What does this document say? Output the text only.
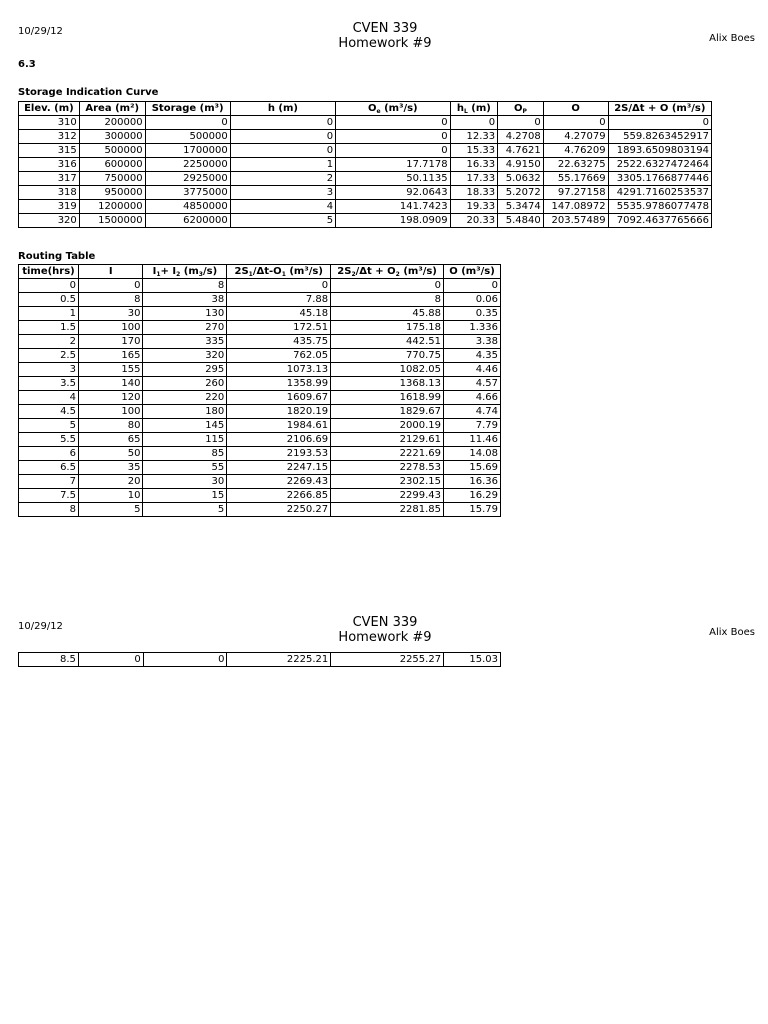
10/29/12	CVEN 339
Homework #9	Alix Boes
6.3
Storage Indication Curve
Elev. (m)	Area (m²)	Storage (m³)	h (m)	$O_e$ (m³/s)	$h_L$ (m)	$O_P$	O	2S/Δt + O (m³/s)
310	200000	0	0	0	0	0	0	0
312	300000	500000	0	0	12.33	4.2708	4.27079	559.8263452917
315	500000	1700000	0	0	15.33	4.7621	4.76209	1893.6509803194
316	600000	2250000	1	17.7178	16.33	4.9150	22.63275	2522.6327472464
317	750000	2925000	2	50.1135	17.33	5.0632	55.17669	3305.1766877446
318	950000	3775000	3	92.0643	18.33	5.2072	97.27158	4291.7160253537
319	1200000	4850000	4	141.7423	19.33	5.3474	147.08972	5535.9786077478
320	1500000	6200000	5	198.0909	20.33	5.4840	203.57489	7092.4637765666
Routing Table
time(hrs)	I	$I_1+ I_2$ $(m_3/s)$	$2S_1/\Delta t-O_1$ (m³/s)	$2S_2/\Delta t + O_2$ (m³/s)	O (m³/s)
0	0	8	0	0	0
0.5	8	38	7.88	8	0.06
1	30	130	45.18	45.88	0.35
1.5	100	270	172.51	175.18	1.336
2	170	335	435.75	442.51	3.38
2.5	165	320	762.05	770.75	4.35
3	155	295	1073.13	1082.05	4.46
3.5	140	260	1358.99	1368.13	4.57
4	120	220	1609.67	1618.99	4.66
4.5	100	180	1820.19	1829.67	4.74
5	80	145	1984.61	2000.19	7.79
5.5	65	115	2106.69	2129.61	11.46
6	50	85	2193.53	2221.69	14.08
6.5	35	55	2247.15	2278.53	15.69
7	20	30	2269.43	2302.15	16.36
7.5	10	15	2266.85	2299.43	16.29
8	5	5	2250.27	2281.85	15.79
10/29/12	CVEN 339
Homework #9	Alix Boes
8.5	0	0	2225.21	2255.27	15.03
